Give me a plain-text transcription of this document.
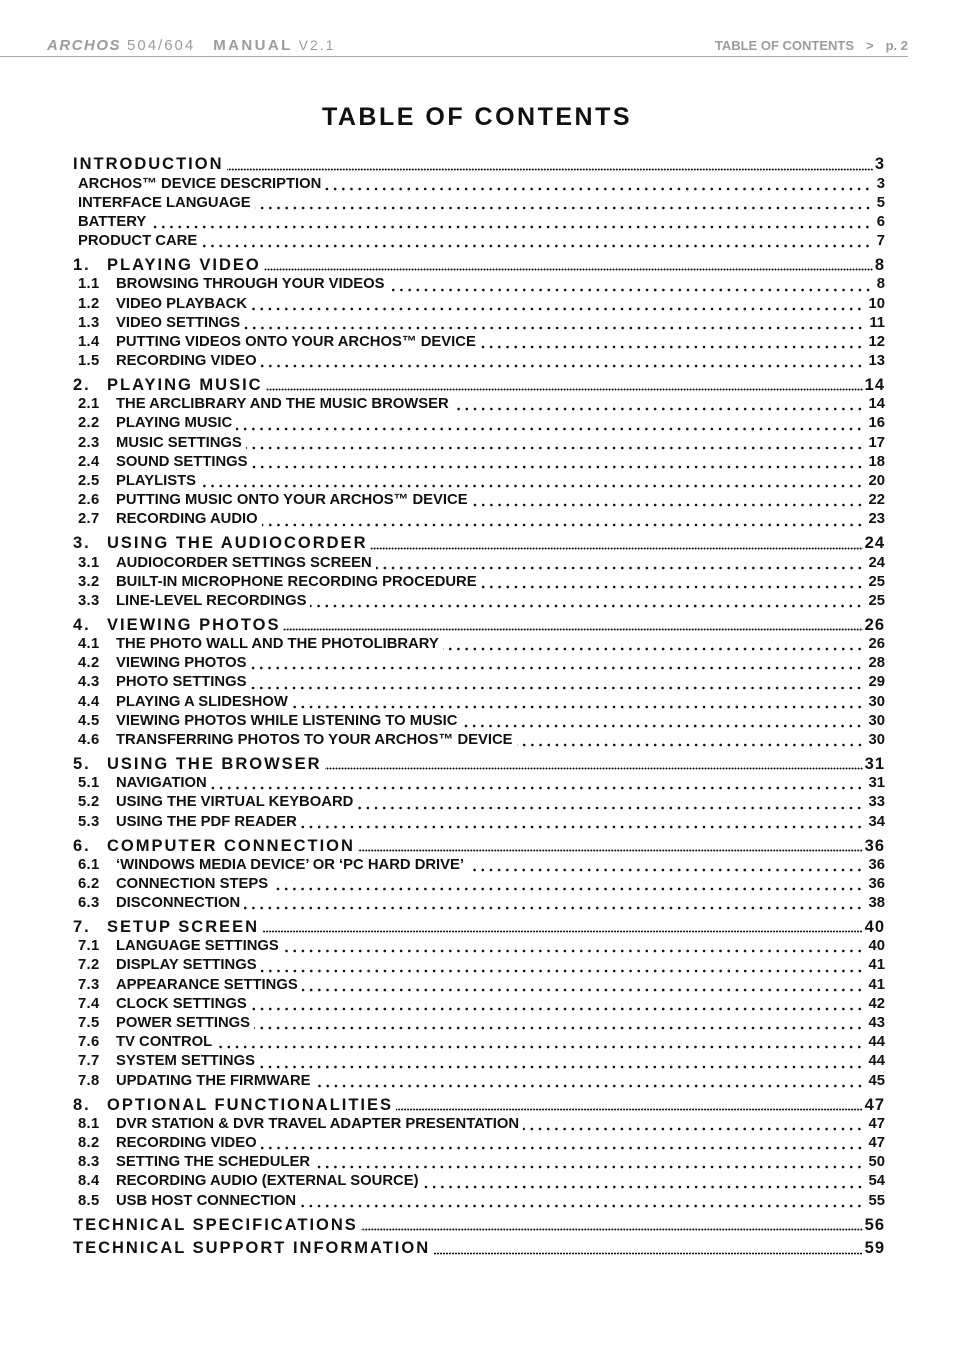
ARCHOS 504/604 MANUAL V2.1	TABLE OF CONTENTS > p. 2
TABLE OF CONTENTS
INTRODUCTION	3
ARCHOS™ DEVICE DESCRIPTION	3
INTERFACE LANGUAGE	5
BATTERY	6
PRODUCT CARE	7
1. PLAYING VIDEO	8
1.1	BROWSING THROUGH YOUR VIDEOS	8
1.2	VIDEO PLAYBACK	10
1.3	VIDEO SETTINGS	11
1.4	PUTTING VIDEOS ONTO YOUR ARCHOS™ DEVICE	12
1.5	RECORDING VIDEO	13
2. PLAYING MUSIC	14
2.1	THE ARCLIBRARY AND THE MUSIC BROWSER	14
2.2	PLAYING MUSIC	16
2.3	MUSIC SETTINGS	17
2.4	SOUND SETTINGS	18
2.5	PLAYLISTS	20
2.6	PUTTING MUSIC ONTO YOUR ARCHOS™ DEVICE	22
2.7	RECORDING AUDIO	23
3. USING THE AUDIOCORDER	24
3.1	AUDIOCORDER SETTINGS SCREEN	24
3.2	BUILT-IN MICROPHONE RECORDING PROCEDURE	25
3.3	LINE-LEVEL RECORDINGS	25
4. VIEWING PHOTOS	26
4.1	THE PHOTO WALL AND THE PHOTOLIBRARY	26
4.2	VIEWING PHOTOS	28
4.3	PHOTO SETTINGS	29
4.4	PLAYING A SLIDESHOW	30
4.5	VIEWING PHOTOS WHILE LISTENING TO MUSIC	30
4.6	TRANSFERRING PHOTOS TO YOUR ARCHOS™ DEVICE	30
5. USING THE BROWSER	31
5.1	NAVIGATION	31
5.2	USING THE VIRTUAL KEYBOARD	33
5.3	USING THE PDF READER	34
6. COMPUTER CONNECTION	36
6.1	‘WINDOWS MEDIA DEVICE’ OR ‘PC HARD DRIVE’	36
6.2	CONNECTION STEPS	36
6.3	DISCONNECTION	38
7. SETUP SCREEN	40
7.1	LANGUAGE SETTINGS	40
7.2	DISPLAY SETTINGS	41
7.3	APPEARANCE SETTINGS	41
7.4	CLOCK SETTINGS	42
7.5	POWER SETTINGS	43
7.6	TV CONTROL	44
7.7	SYSTEM SETTINGS	44
7.8	UPDATING THE FIRMWARE	45
8. OPTIONAL FUNCTIONALITIES	47
8.1	DVR STATION & DVR TRAVEL ADAPTER PRESENTATION	47
8.2	RECORDING VIDEO	47
8.3	SETTING THE SCHEDULER	50
8.4	RECORDING AUDIO (EXTERNAL SOURCE)	54
8.5	USB HOST CONNECTION	55
TECHNICAL SPECIFICATIONS	56
TECHNICAL SUPPORT INFORMATION	59
